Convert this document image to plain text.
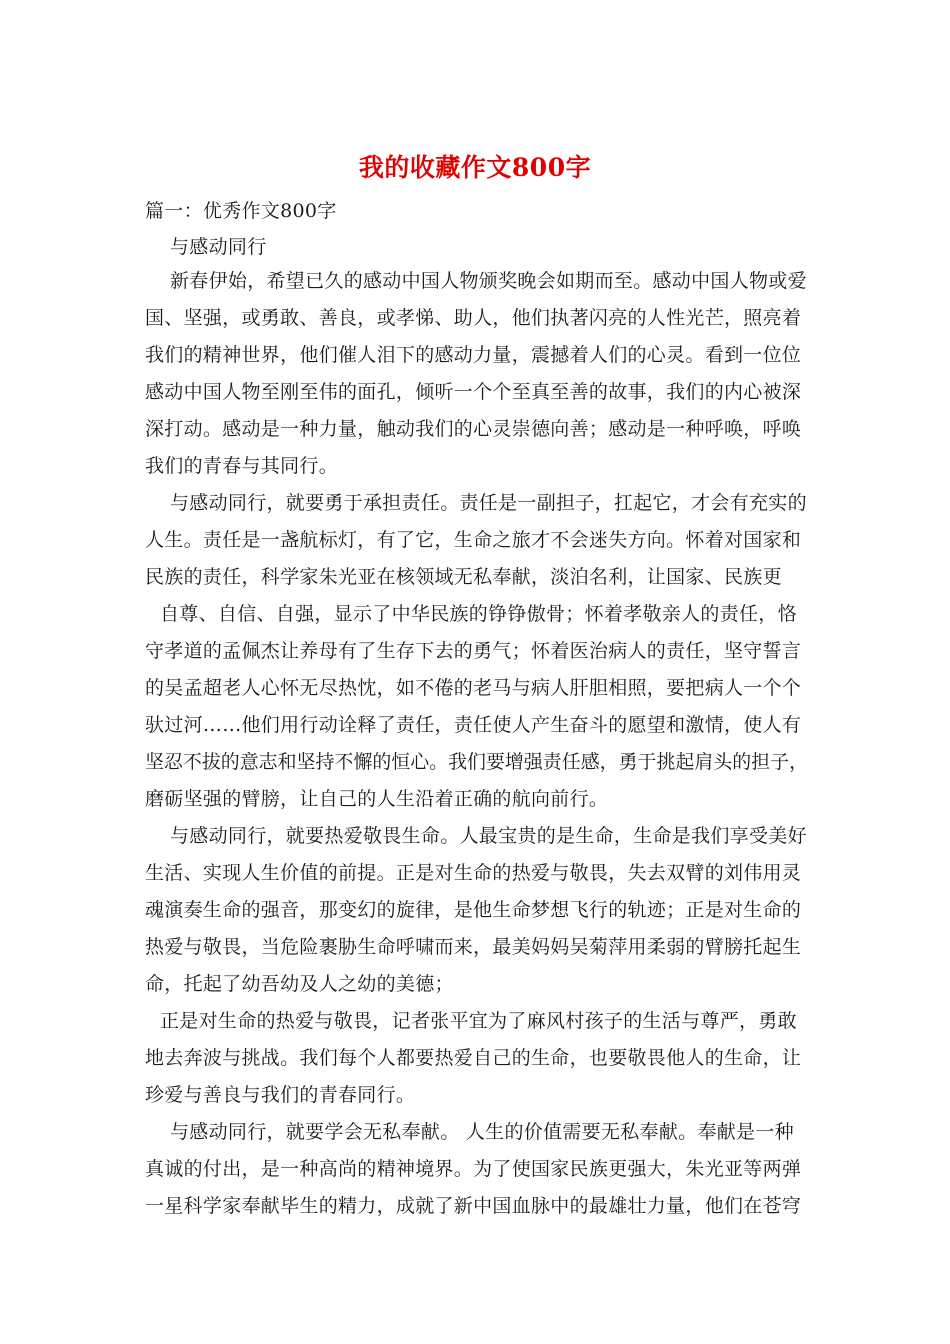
我的收藏作文800字
篇一：优秀作文800字
与感动同行
新春伊始，希望已久的感动中国人物颁奖晚会如期而至。感动中国人物或爱
国、坚强，或勇敢、善良，或孝悌、助人，他们执著闪亮的人性光芒，照亮着
我们的精神世界，他们催人泪下的感动力量，震撼着人们的心灵。看到一位位
感动中国人物至刚至伟的面孔，倾听一个个至真至善的故事，我们的内心被深
深打动。感动是一种力量，触动我们的心灵崇德向善；感动是一种呼唤，呼唤
我们的青春与其同行。
与感动同行，就要勇于承担责任。责任是一副担子，扛起它，才会有充实的
人生。责任是一盏航标灯，有了它，生命之旅才不会迷失方向。怀着对国家和
民族的责任，科学家朱光亚在核领域无私奉献，淡泊名利，让国家、民族更
自尊、自信、自强，显示了中华民族的铮铮傲骨；怀着孝敬亲人的责任，恪
守孝道的孟佩杰让养母有了生存下去的勇气；怀着医治病人的责任，坚守誓言
的吴孟超老人心怀无尽热忱，如不倦的老马与病人肝胆相照，要把病人一个个
驮过河……他们用行动诠释了责任，责任使人产生奋斗的愿望和激情，使人有
坚忍不拔的意志和坚持不懈的恒心。我们要增强责任感，勇于挑起肩头的担子，
磨砺坚强的臂膀，让自己的人生沿着正确的航向前行。
与感动同行，就要热爱敬畏生命。人最宝贵的是生命，生命是我们享受美好
生活、实现人生价值的前提。正是对生命的热爱与敬畏，失去双臂的刘伟用灵
魂演奏生命的强音，那变幻的旋律，是他生命梦想飞行的轨迹；正是对生命的
热爱与敬畏，当危险裹胁生命呼啸而来，最美妈妈吴菊萍用柔弱的臂膀托起生
命，托起了幼吾幼及人之幼的美德；
正是对生命的热爱与敬畏，记者张平宜为了麻风村孩子的生活与尊严，勇敢
地去奔波与挑战。我们每个人都要热爱自己的生命，也要敬畏他人的生命，让
珍爱与善良与我们的青春同行。
与感动同行，就要学会无私奉献。 人生的价值需要无私奉献。奉献是一种
真诚的付出，是一种高尚的精神境界。为了使国家民族更强大，朱光亚等两弹
一星科学家奉献毕生的精力，成就了新中国血脉中的最雄壮力量，他们在苍穹
